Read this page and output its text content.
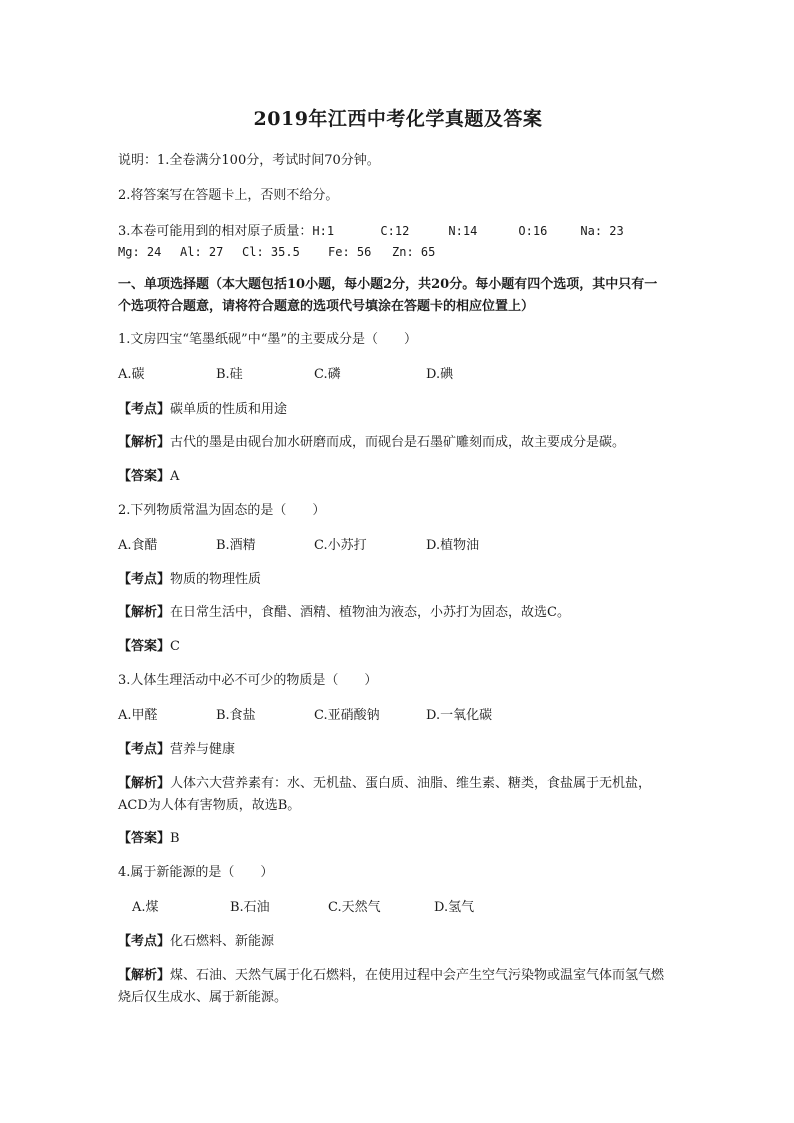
2019年江西中考化学真题及答案
说明：1.全卷满分100分，考试时间70分钟。
2.将答案写在答题卡上，否则不给分。
3.本卷可能用到的相对原子质量：H:1	C:12	N:14	O:16	Na: 23
Mg: 24 Al: 27 Cl: 35.5 Fe: 56 Zn: 65
一、单项选择题（本大题包括10小题，每小题2分，共20分。每小题有四个选项，其中只有一个选项符合题意，请将符合题意的选项代号填涂在答题卡的相应位置上）
1.文房四宝“笔墨纸砚”中“墨”的主要成分是（　　）
A.碳	B.硅	C.磷	D.碘
【考点】碳单质的性质和用途
【解析】古代的墨是由砚台加水研磨而成，而砚台是石墨矿雕刻而成，故主要成分是碳。
【答案】A
2.下列物质常温为固态的是（　　）
A.食醋	B.酒精	C.小苏打	D.植物油
【考点】物质的物理性质
【解析】在日常生活中，食醋、酒精、植物油为液态，小苏打为固态，故选C。
【答案】C
3.人体生理活动中必不可少的物质是（　　）
A.甲醛	B.食盐	C.亚硝酸钠	D.一氧化碳
【考点】营养与健康
【解析】人体六大营养素有：水、无机盐、蛋白质、油脂、维生素、糖类，食盐属于无机盐，ACD为人体有害物质，故选B。
【答案】B
4.属于新能源的是（　　）
A.煤	B.石油	C.天然气	D.氢气
【考点】化石燃料、新能源
【解析】煤、石油、天然气属于化石燃料，在使用过程中会产生空气污染物或温室气体而氢气燃烧后仅生成水、属于新能源。
